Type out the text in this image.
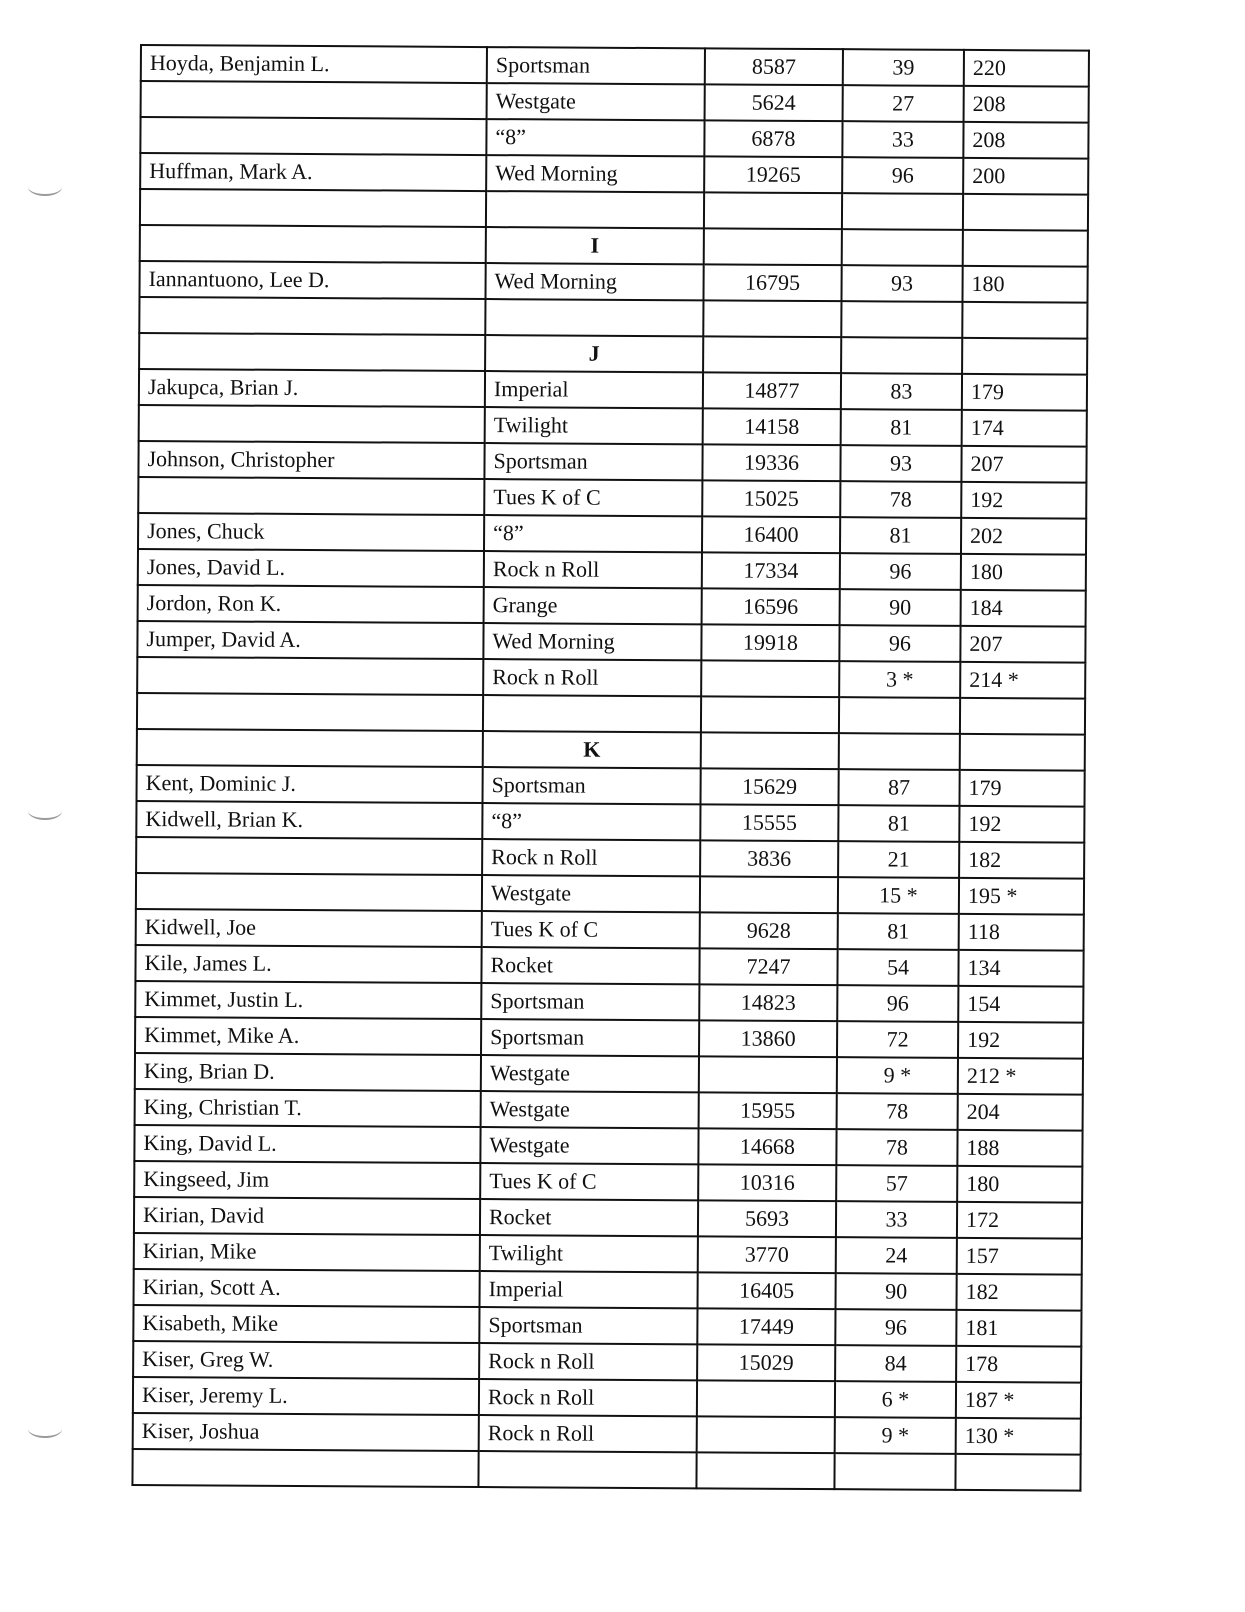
Hoyda, Benjamin L.	Sportsman	8587	39	220
	Westgate	5624	27	208
	“8”	6878	33	208
Huffman, Mark A.	Wed Morning	19265	96	200

	I			
Iannantuono, Lee D.	Wed Morning	16795	93	180

	J			
Jakupca, Brian J.	Imperial	14877	83	179
	Twilight	14158	81	174
Johnson, Christopher	Sportsman	19336	93	207
	Tues K of C	15025	78	192
Jones, Chuck	“8”	16400	81	202
Jones, David L.	Rock n Roll	17334	96	180
Jordon, Ron K.	Grange	16596	90	184
Jumper, David A.	Wed Morning	19918	96	207
	Rock n Roll		3 *	214 *

	K			
Kent, Dominic J.	Sportsman	15629	87	179
Kidwell, Brian K.	“8”	15555	81	192
	Rock n Roll	3836	21	182
	Westgate		15 *	195 *
Kidwell, Joe	Tues K of C	9628	81	118
Kile, James L.	Rocket	7247	54	134
Kimmet, Justin L.	Sportsman	14823	96	154
Kimmet, Mike A.	Sportsman	13860	72	192
King, Brian D.	Westgate		9 *	212 *
King, Christian T.	Westgate	15955	78	204
King, David L.	Westgate	14668	78	188
Kingseed, Jim	Tues K of C	10316	57	180
Kirian, David	Rocket	5693	33	172
Kirian, Mike	Twilight	3770	24	157
Kirian, Scott A.	Imperial	16405	90	182
Kisabeth, Mike	Sportsman	17449	96	181
Kiser, Greg W.	Rock n Roll	15029	84	178
Kiser, Jeremy L.	Rock n Roll		6 *	187 *
Kiser, Joshua	Rock n Roll		9 *	130 *
